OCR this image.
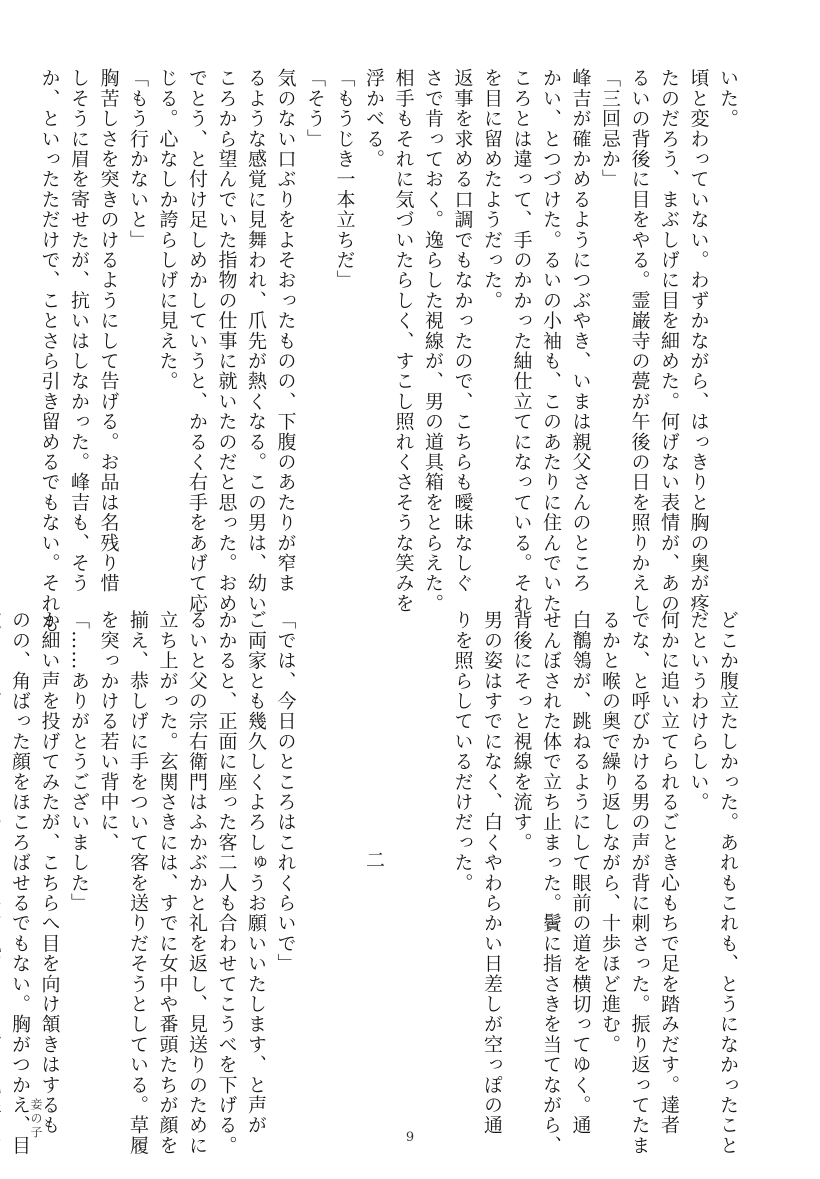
いた。
頃と変わっていない。わずかながら、はっきりと胸の奥が疼
たのだろう、まぶしげに目を細めた。何げない表情が、あの
るいの背後に目をやる。霊巌寺の甍が午後の日を照りかえし
「三回忌か」
峰吉が確かめるようにつぶやき、いまは親父さんのところ
かい、とつづけた。るいの小袖も、このあたりに住んでいた
ころとは違って、手のかかった紬仕立てになっている。それ
を目に留めたようだった。
返事を求める口調でもなかったので、こちらも曖昧なしぐ
さで肯っておく。逸らした視線が、男の道具箱をとらえた。
相手もそれに気づいたらしく、すこし照れくさそうな笑みを
浮かべる。
「もうじき一本立ちだ」
「そう」
気のない口ぶりをよそおったものの、下腹のあたりが窄ま
るような感覚に見舞われ、爪先が熱くなる。この男は、幼い
ころから望んでいた指物の仕事に就いたのだと思った。おめ
でとう、と付け足しめかしていうと、かるく右手をあげて応
じる。心なしか誇らしげに見えた。
「もう行かないと」
胸苦しさを突きのけるようにして告げる。お品は名残り惜
しそうに眉を寄せたが、抗いはしなかった。峰吉も、そう
か、といったただけで、ことさら引き留めるでもない。それも
どこか腹立たしかった。あれもこれも、とうになかったこと
だというわけらしい。
何かに追い立てられるごとき心もちで足を踏みだす。達者
でな、と呼びかける男の声が背に刺さった。振り返ってたま
るかと喉の奥で繰り返しながら、十歩ほど進む。
白鶺鴒が、跳ねるようにして眼前の道を横切ってゆく。通
せんぼされた体で立ち止まった。鬢に指さきを当てながら、
背後にそっと視線を流す。
男の姿はすでになく、白くやわらかい日差しが空っぽの通
りを照らしているだけだった。

二

「では、今日のところはこれくらいで」
ご両家とも幾久しくよろしゅうお願いいたします、と声が
かかると、正面に座った客二人も合わせてこうべを下げる。
るいと父の宗右衛門はふかぶかと礼を返し、見送りのために
立ち上がった。玄関さきには、すでに女中や番頭たちが顔を
揃え、恭しげに手をついて客を送りだそうとしている。草履
を突っかける若い背中に、
「……ありがとうございました」
か細い声を投げてみたが、こちらへ目を向け頷きはするも
のの、角ばった顔をほころばせるでもない。胸がつかえ、目
妾の子	9
